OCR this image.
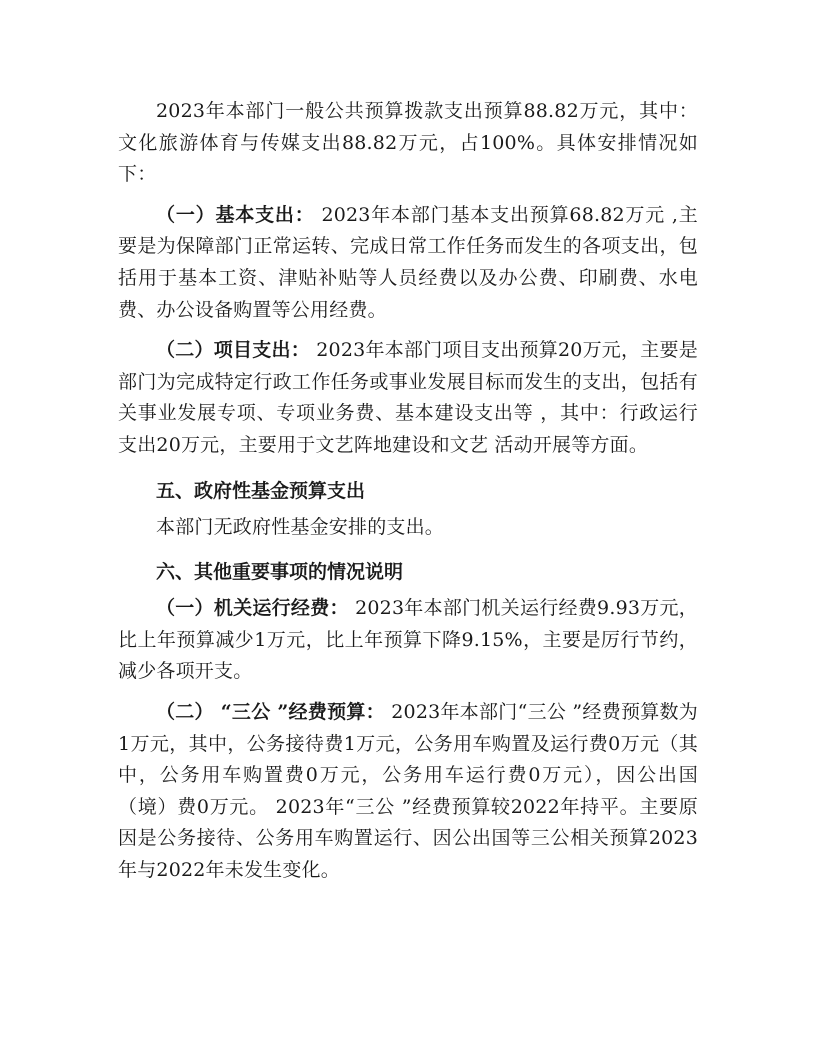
2023年本部门一般公共预算拨款支出预算88.82万元，其中：文化旅游体育与传媒支出88.82万元，占100%。具体安排情况如下：

（一）基本支出： 2023年本部门基本支出预算68.82万元 ,主要是为保障部门正常运转、完成日常工作任务而发生的各项支出，包括用于基本工资、津贴补贴等人员经费以及办公费、印刷费、水电费、办公设备购置等公用经费。

（二）项目支出： 2023年本部门项目支出预算20万元，主要是部门为完成特定行政工作任务或事业发展目标而发生的支出，包括有关事业发展专项、专项业务费、基本建设支出等 ，其中：行政运行支出20万元，主要用于文艺阵地建设和文艺 活动开展等方面。

五、政府性基金预算支出

本部门无政府性基金安排的支出。

六、其他重要事项的情况说明

（一）机关运行经费： 2023年本部门机关运行经费9.93万元，比上年预算减少1万元，比上年预算下降9.15%，主要是厉行节约，减少各项开支。

（二） “三公 ”经费预算： 2023年本部门“三公 ”经费预算数为1万元，其中，公务接待费1万元，公务用车购置及运行费0万元（其中，公务用车购置费0万元，公务用车运行费0万元），因公出国（境）费0万元。 2023年“三公 ”经费预算较2022年持平。主要原因是公务接待、公务用车购置运行、因公出国等三公相关预算2023年与2022年未发生变化。
